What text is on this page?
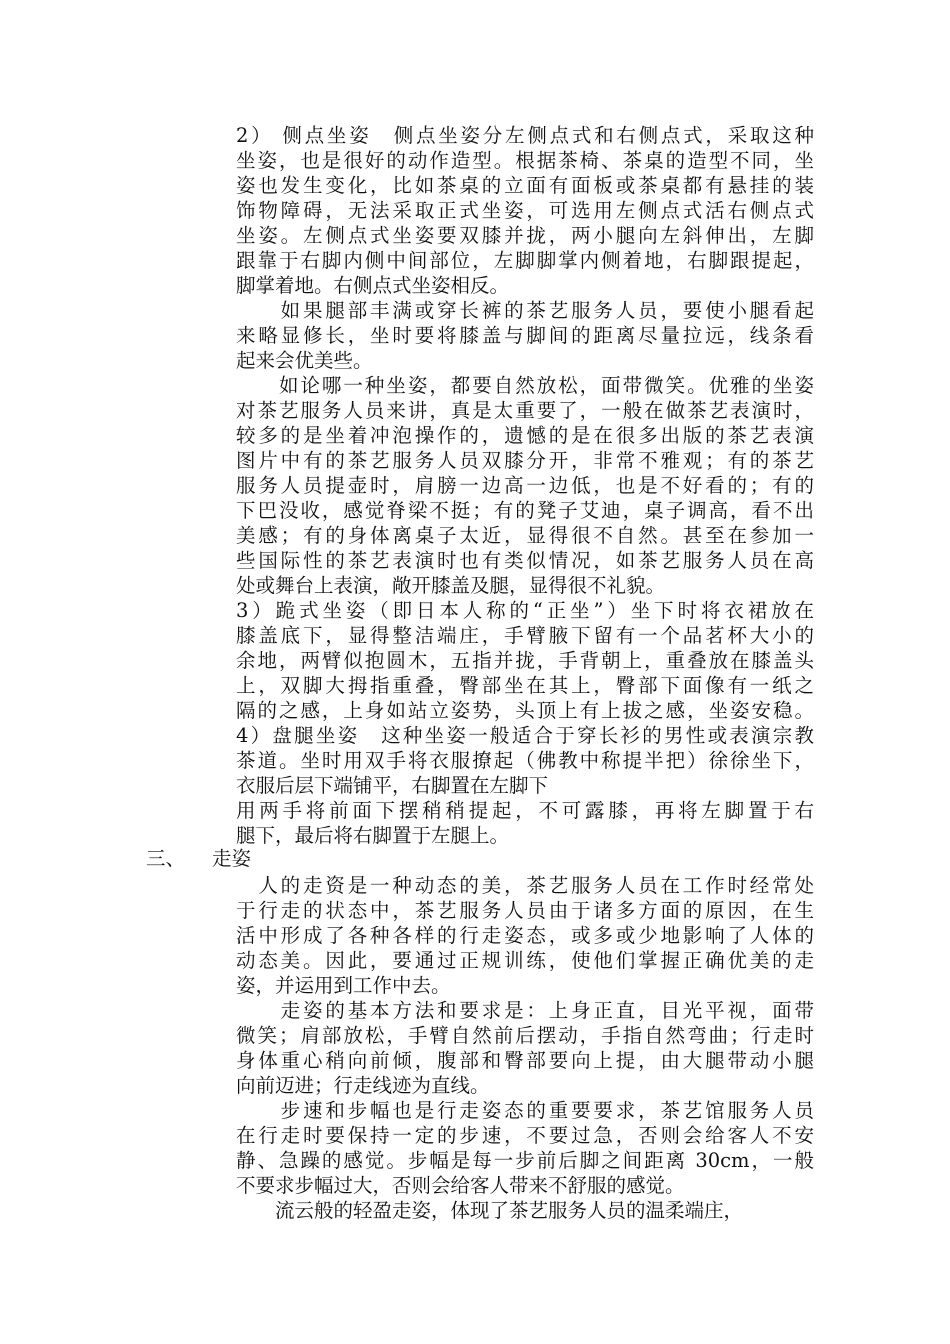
2） 侧点坐姿　侧点坐姿分左侧点式和右侧点式，采取这种
坐姿，也是很好的动作造型。根据茶椅、茶桌的造型不同，坐
姿也发生变化，比如茶桌的立面有面板或茶桌都有悬挂的装
饰物障碍，无法采取正式坐姿，可选用左侧点式活右侧点式
坐姿。左侧点式坐姿要双膝并拢，两小腿向左斜伸出，左脚
跟靠于右脚内侧中间部位，左脚脚掌内侧着地，右脚跟提起，
脚掌着地。右侧点式坐姿相反。
　　如果腿部丰满或穿长裤的茶艺服务人员，要使小腿看起
来略显修长，坐时要将膝盖与脚间的距离尽量拉远，线条看
起来会优美些。
　　如论哪一种坐姿，都要自然放松，面带微笑。优雅的坐姿
对茶艺服务人员来讲，真是太重要了，一般在做茶艺表演时，
较多的是坐着冲泡操作的，遗憾的是在很多出版的茶艺表演
图片中有的茶艺服务人员双膝分开，非常不雅观；有的茶艺
服务人员提壶时，肩膀一边高一边低，也是不好看的；有的
下巴没收，感觉脊梁不挺；有的凳子艾迪，桌子调高，看不出
美感；有的身体离桌子太近，显得很不自然。甚至在参加一
些国际性的茶艺表演时也有类似情况，如茶艺服务人员在高
处或舞台上表演，敞开膝盖及腿，显得很不礼貌。
3）跪式坐姿（即日本人称的“正坐”）坐下时将衣裙放在
膝盖底下，显得整洁端庄，手臂腋下留有一个品茗杯大小的
余地，两臂似抱圆木，五指并拢，手背朝上，重叠放在膝盖头
上，双脚大拇指重叠，臀部坐在其上，臀部下面像有一纸之
隔的之感，上身如站立姿势，头顶上有上拔之感，坐姿安稳。
4）盘腿坐姿　这种坐姿一般适合于穿长衫的男性或表演宗教
茶道。坐时用双手将衣服撩起（佛教中称提半把）徐徐坐下，
衣服后层下端铺平，右脚置在左脚下
用两手将前面下摆稍稍提起，不可露膝，再将左脚置于右
腿下，最后将右脚置于左腿上。
三、 走姿
　人的走资是一种动态的美，茶艺服务人员在工作时经常处
于行走的状态中，茶艺服务人员由于诸多方面的原因，在生
活中形成了各种各样的行走姿态，或多或少地影响了人体的
动态美。因此，要通过正规训练，使他们掌握正确优美的走
姿，并运用到工作中去。
　　走姿的基本方法和要求是：上身正直，目光平视，面带
微笑；肩部放松，手臂自然前后摆动，手指自然弯曲；行走时
身体重心稍向前倾，腹部和臀部要向上提，由大腿带动小腿
向前迈进；行走线迹为直线。
　　步速和步幅也是行走姿态的重要要求，茶艺馆服务人员
在行走时要保持一定的步速，不要过急，否则会给客人不安
静、急躁的感觉。步幅是每一步前后脚之间距离 30cm，一般
不要求步幅过大，否则会给客人带来不舒服的感觉。
　　流云般的轻盈走姿，体现了茶艺服务人员的温柔端庄，
